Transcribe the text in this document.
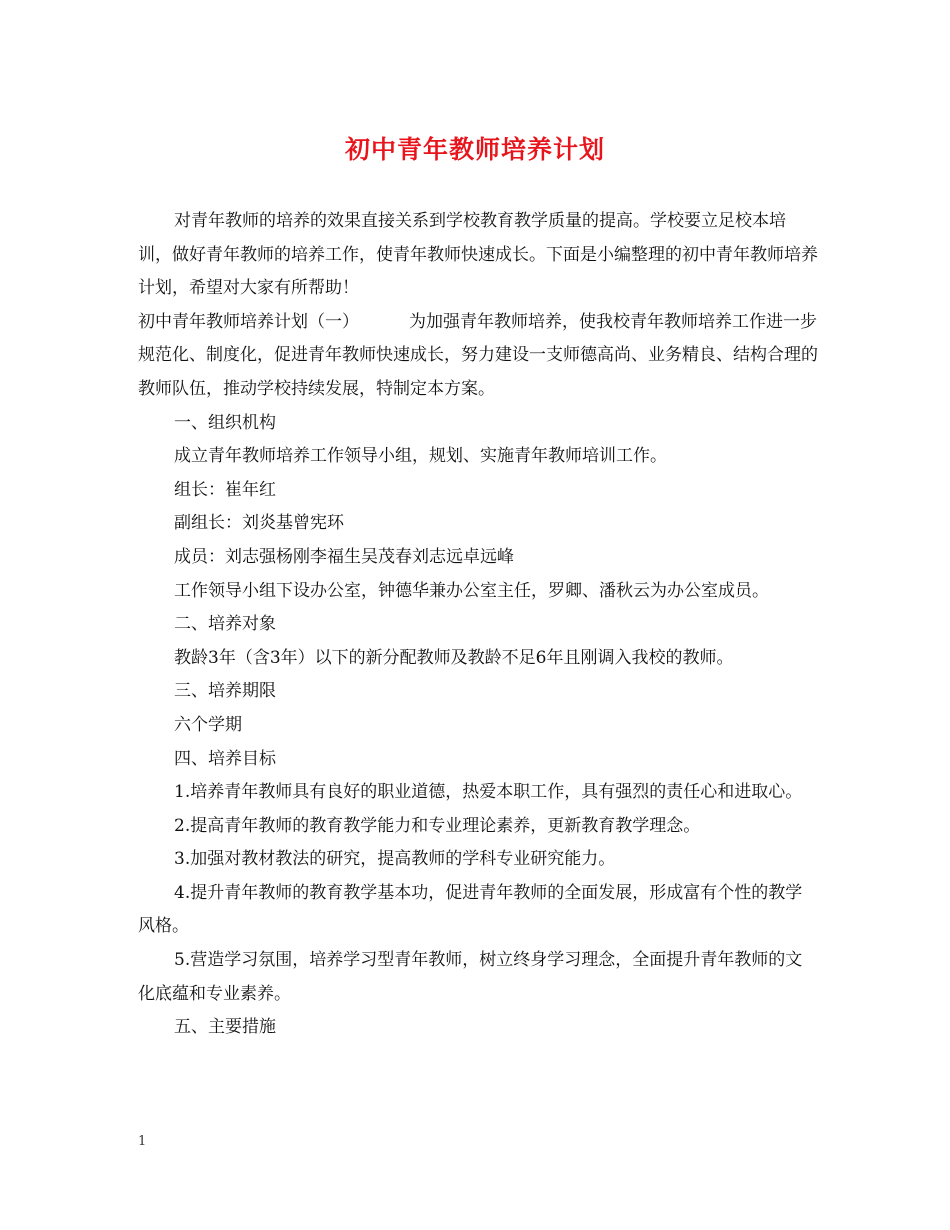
初中青年教师培养计划

对青年教师的培养的效果直接关系到学校教育教学质量的提高。学校要立足校本培训，做好青年教师的培养工作，使青年教师快速成长。下面是小编整理的初中青年教师培养计划，希望对大家有所帮助！

初中青年教师培养计划（一）	为加强青年教师培养，使我校青年教师培养工作进一步规范化、制度化，促进青年教师快速成长，努力建设一支师德高尚、业务精良、结构合理的教师队伍，推动学校持续发展，特制定本方案。

一、组织机构

成立青年教师培养工作领导小组，规划、实施青年教师培训工作。

组长：崔年红

副组长：刘炎基曾宪环

成员：刘志强杨刚李福生吴茂春刘志远卓远峰

工作领导小组下设办公室，钟德华兼办公室主任，罗卿、潘秋云为办公室成员。

二、培养对象

教龄3年（含3年）以下的新分配教师及教龄不足6年且刚调入我校的教师。

三、培养期限

六个学期

四、培养目标

1.培养青年教师具有良好的职业道德，热爱本职工作，具有强烈的责任心和进取心。

2.提高青年教师的教育教学能力和专业理论素养，更新教育教学理念。

3.加强对教材教法的研究，提高教师的学科专业研究能力。

4.提升青年教师的教育教学基本功，促进青年教师的全面发展，形成富有个性的教学风格。

5.营造学习氛围，培养学习型青年教师，树立终身学习理念，全面提升青年教师的文化底蕴和专业素养。

五、主要措施

1
